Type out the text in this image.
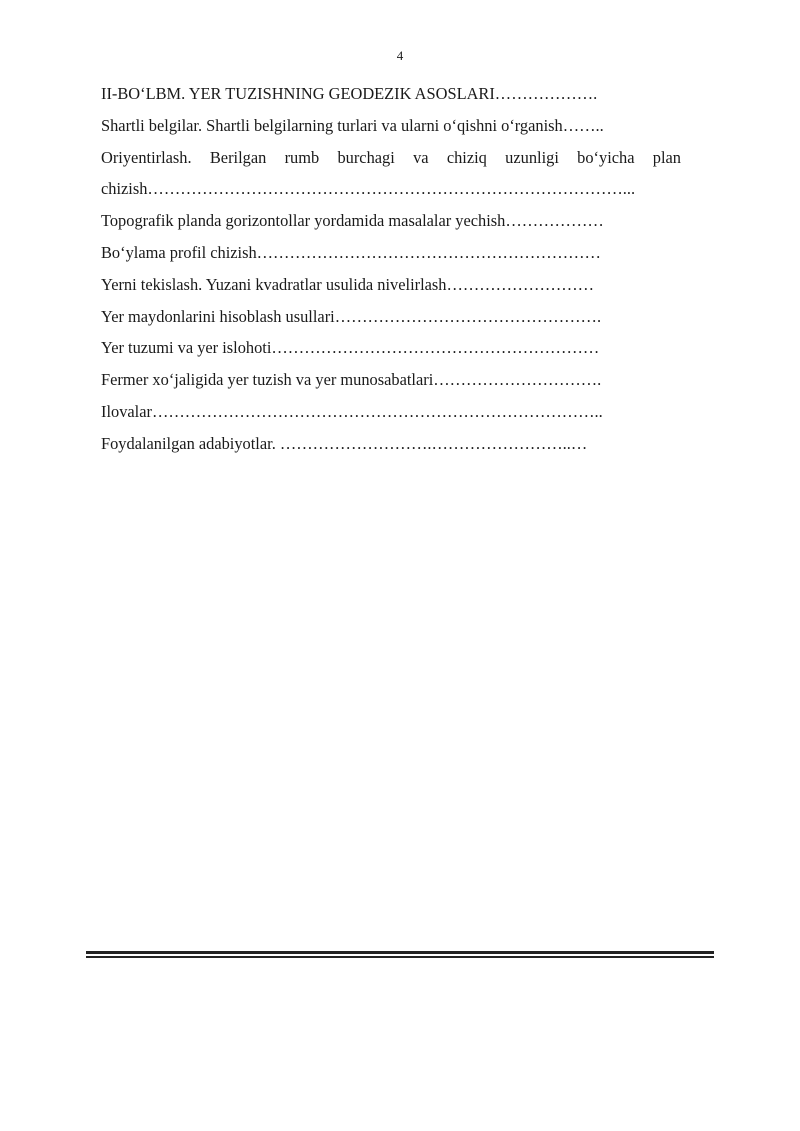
4
II-BO‘LBM. YER TUZISHNING GEODEZIK ASOSLARI……………….
Shartli belgilar. Shartli belgilarning turlari va ularni o‘qishni o‘rganish……..
Oriyentirlash. Berilgan rumb burchagi va chiziq uzunligi bo‘yicha plan
chizish……………………………………………………………………………...
Topografik planda gorizontollar yordamida masalalar yechish………………
Bo‘ylama profil chizish………………………………………………………
Yerni tekislash. Yuzani kvadratlar usulida nivelirlash………………………
Yer maydonlarini hisoblash usullari………………………………………….
Yer tuzumi va yer islohoti……………………………………………………
Fermer xo‘jaligida yer tuzish va yer munosabatlari………………………….
Ilovalar………………………………………………………………………..
Foydalanilgan adabiyotlar. ……………………….……………………..…
